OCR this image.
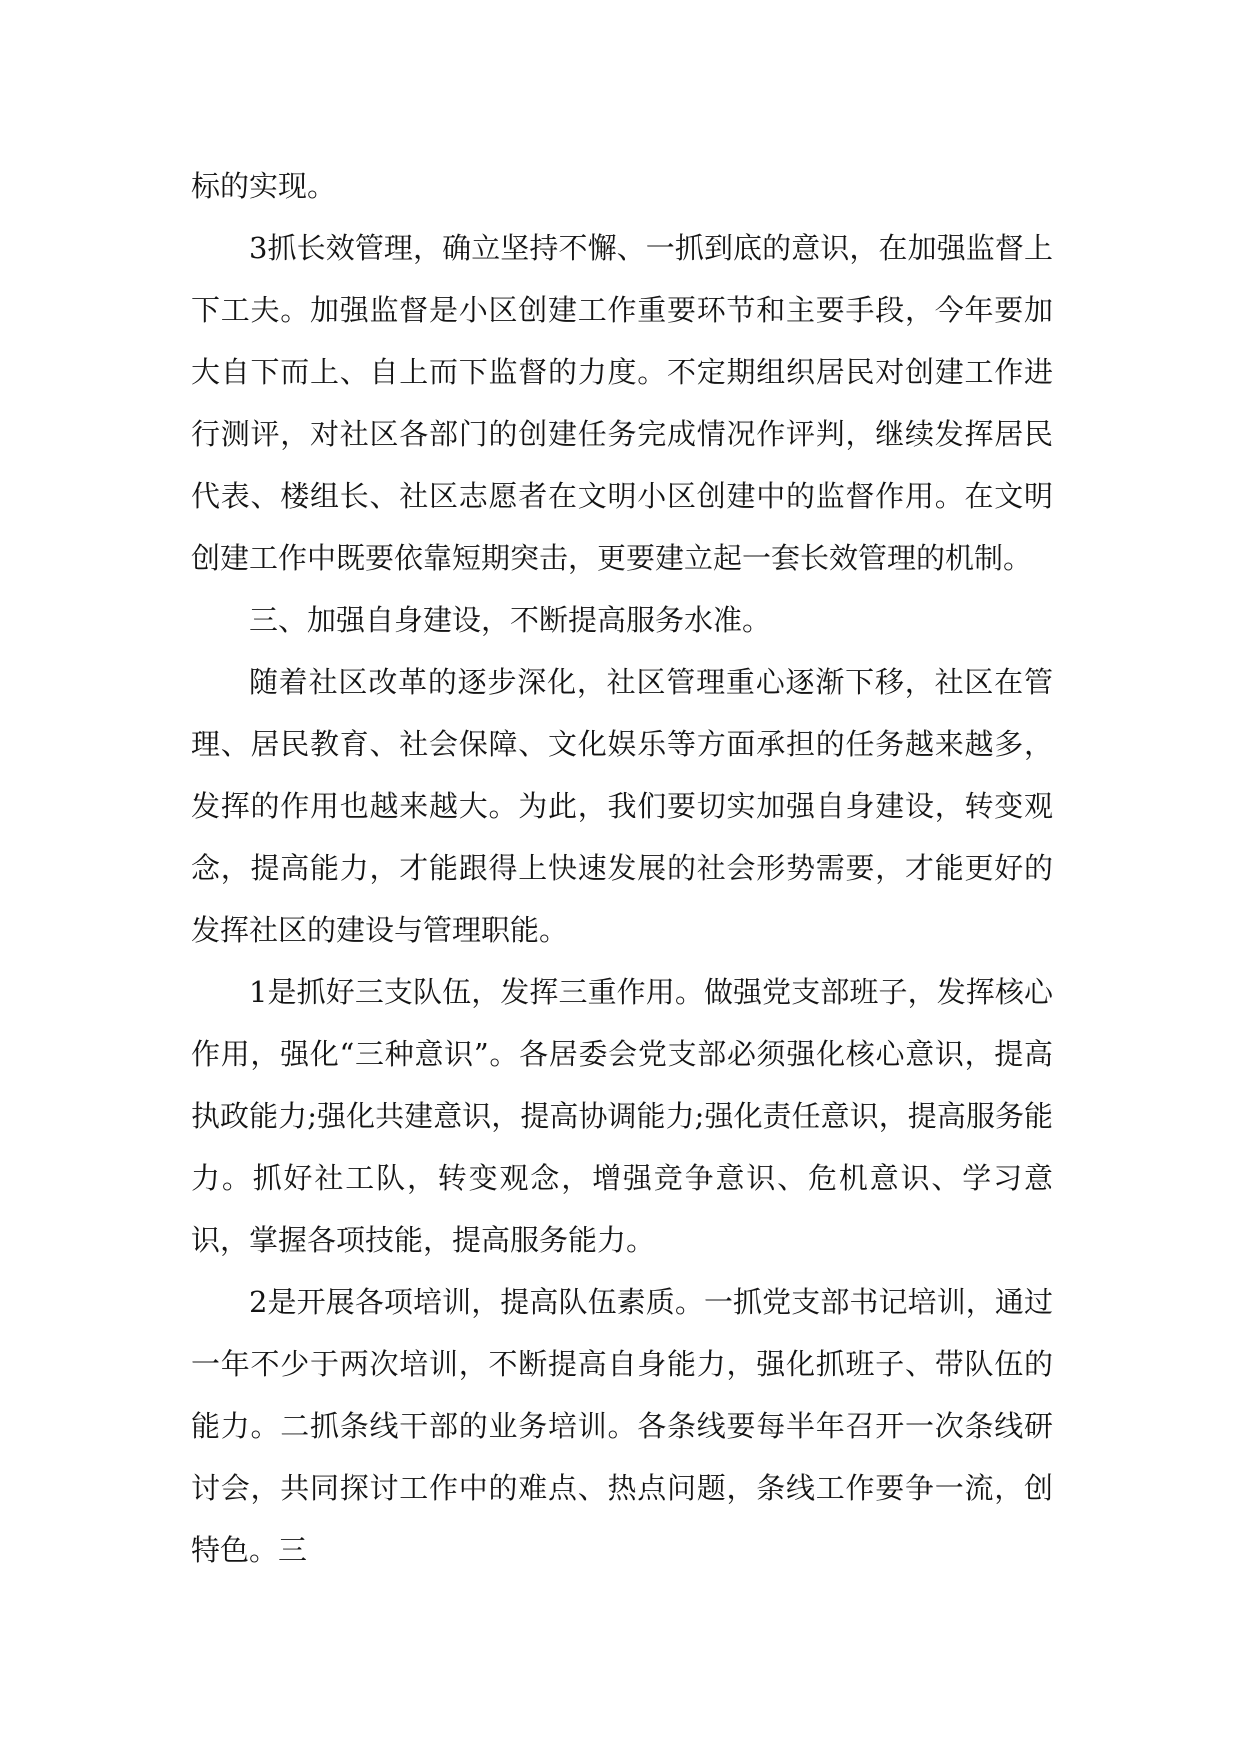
标的实现。

3抓长效管理，确立坚持不懈、一抓到底的意识，在加强监督上下工夫。加强监督是小区创建工作重要环节和主要手段，今年要加大自下而上、自上而下监督的力度。不定期组织居民对创建工作进行测评，对社区各部门的创建任务完成情况作评判，继续发挥居民代表、楼组长、社区志愿者在文明小区创建中的监督作用。在文明创建工作中既要依靠短期突击，更要建立起一套长效管理的机制。

三、加强自身建设，不断提高服务水准。

随着社区改革的逐步深化，社区管理重心逐渐下移，社区在管理、居民教育、社会保障、文化娱乐等方面承担的任务越来越多，发挥的作用也越来越大。为此，我们要切实加强自身建设，转变观念，提高能力，才能跟得上快速发展的社会形势需要，才能更好的发挥社区的建设与管理职能。

1是抓好三支队伍，发挥三重作用。做强党支部班子，发挥核心作用，强化“三种意识”。各居委会党支部必须强化核心意识，提高执政能力;强化共建意识，提高协调能力;强化责任意识，提高服务能力。抓好社工队，转变观念，增强竞争意识、危机意识、学习意识，掌握各项技能，提高服务能力。

2是开展各项培训，提高队伍素质。一抓党支部书记培训，通过一年不少于两次培训，不断提高自身能力，强化抓班子、带队伍的能力。二抓条线干部的业务培训。各条线要每半年召开一次条线研讨会，共同探讨工作中的难点、热点问题，条线工作要争一流，创特色。三
